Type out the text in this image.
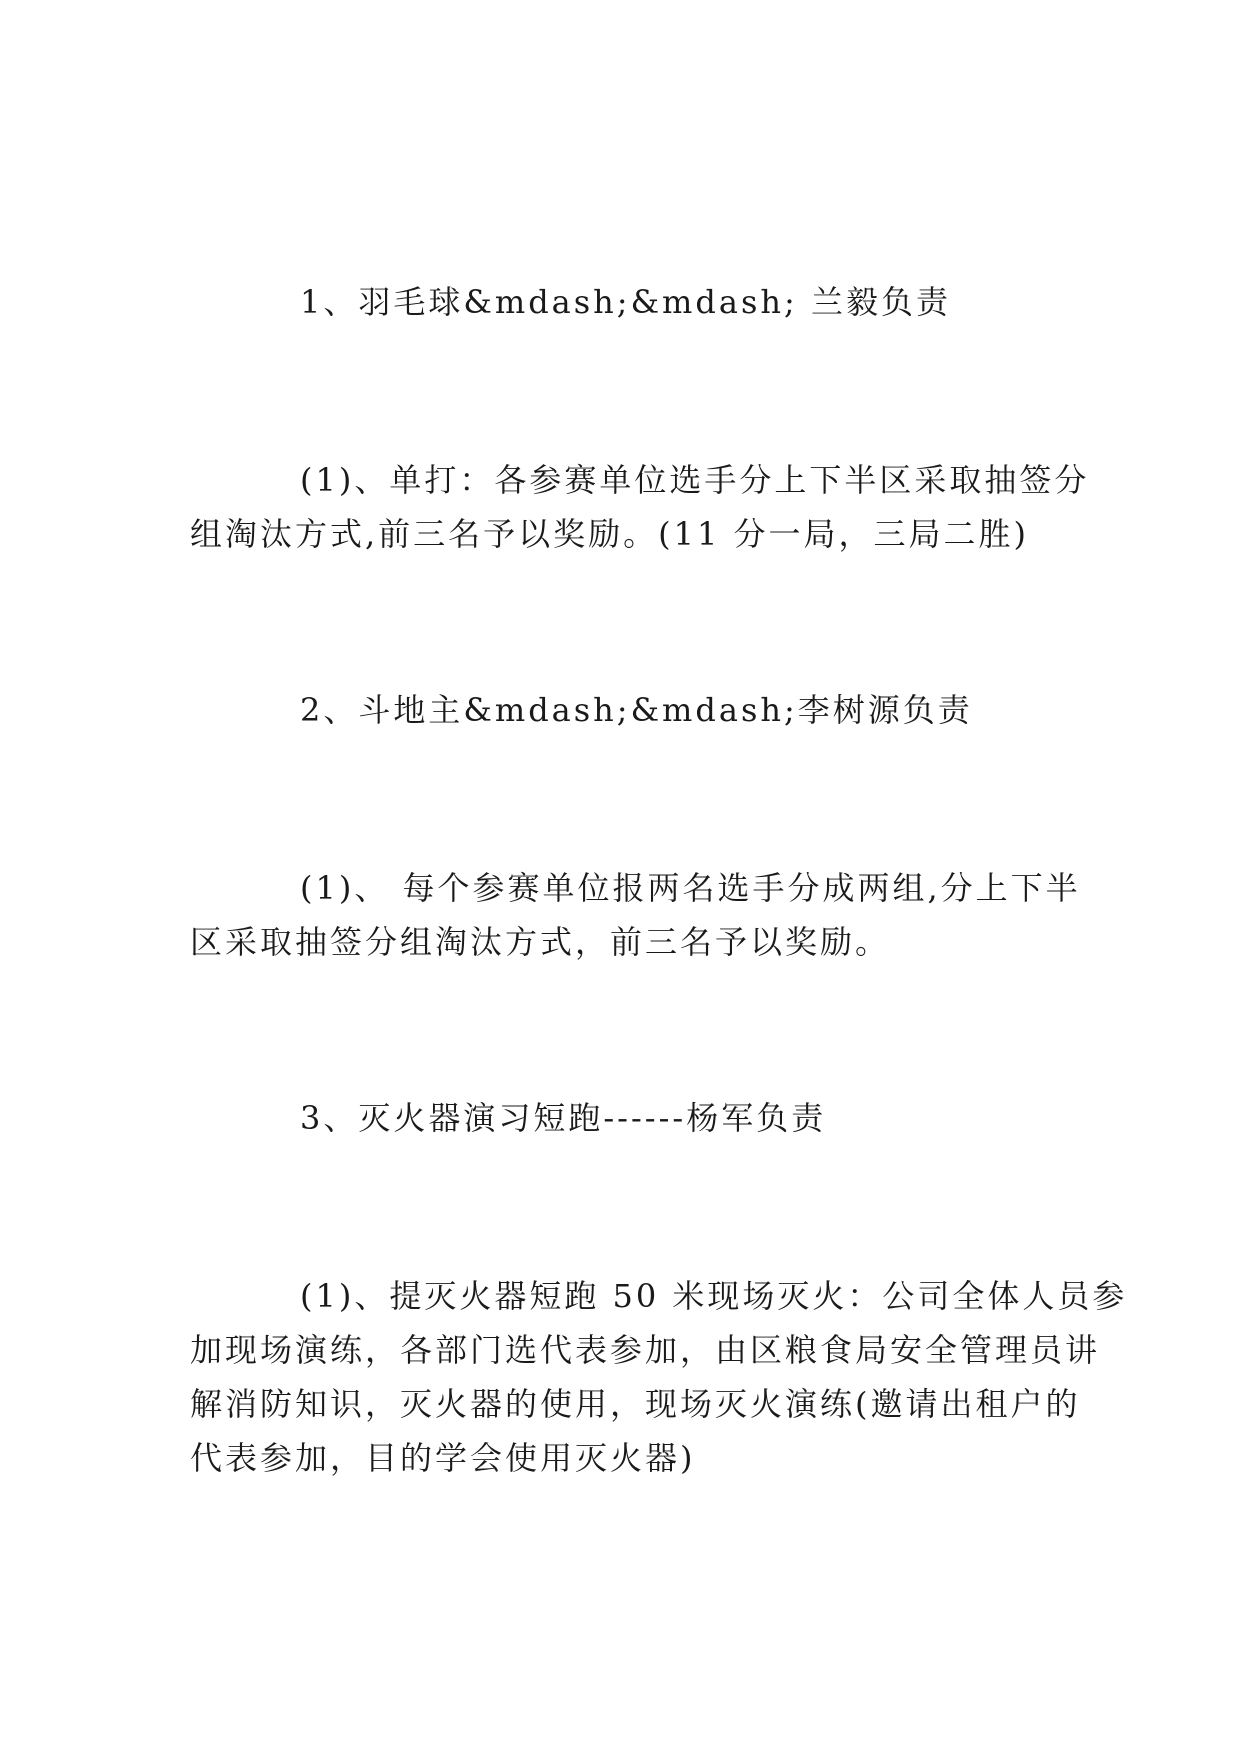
1、羽毛球&mdash;&mdash; 兰毅负责
(1)、单打：各参赛单位选手分上下半区采取抽签分
组淘汰方式,前三名予以奖励。(11 分一局，三局二胜)
2、斗地主&mdash;&mdash;李树源负责
(1)、 每个参赛单位报两名选手分成两组,分上下半
区采取抽签分组淘汰方式，前三名予以奖励。
3、灭火器演习短跑------杨军负责
(1)、提灭火器短跑 50 米现场灭火：公司全体人员参
加现场演练，各部门选代表参加，由区粮食局安全管理员讲
解消防知识，灭火器的使用，现场灭火演练(邀请出租户的
代表参加，目的学会使用灭火器)
